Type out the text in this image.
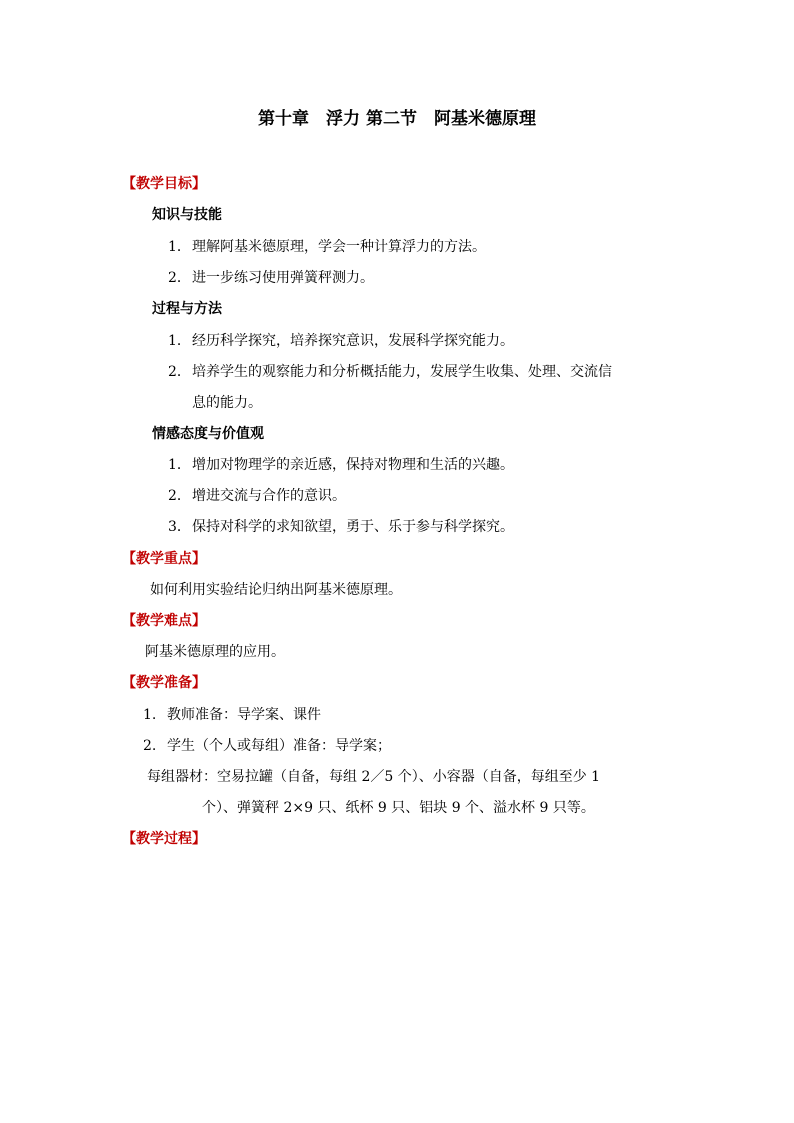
第十章　浮力 第二节　阿基米德原理
【教学目标】
知识与技能
1．理解阿基米德原理，学会一种计算浮力的方法。
2．进一步练习使用弹簧秤测力。
过程与方法
1．经历科学探究，培养探究意识，发展科学探究能力。
2．培养学生的观察能力和分析概括能力，发展学生收集、处理、交流信
息的能力。
情感态度与价值观
1．增加对物理学的亲近感，保持对物理和生活的兴趣。
2．增进交流与合作的意识。
3．保持对科学的求知欲望，勇于、乐于参与科学探究。
【教学重点】
如何利用实验结论归纳出阿基米德原理。
【教学难点】
阿基米德原理的应用。
【教学准备】
1. 教师准备：导学案、课件
2. 学生（个人或每组）准备：导学案；
每组器材：空易拉罐（自备，每组 2／5 个）、小容器（自备，每组至少 1
个）、弹簧秤 2×9 只、纸杯 9 只、铝块 9 个、溢水杯 9 只等。
【教学过程】
